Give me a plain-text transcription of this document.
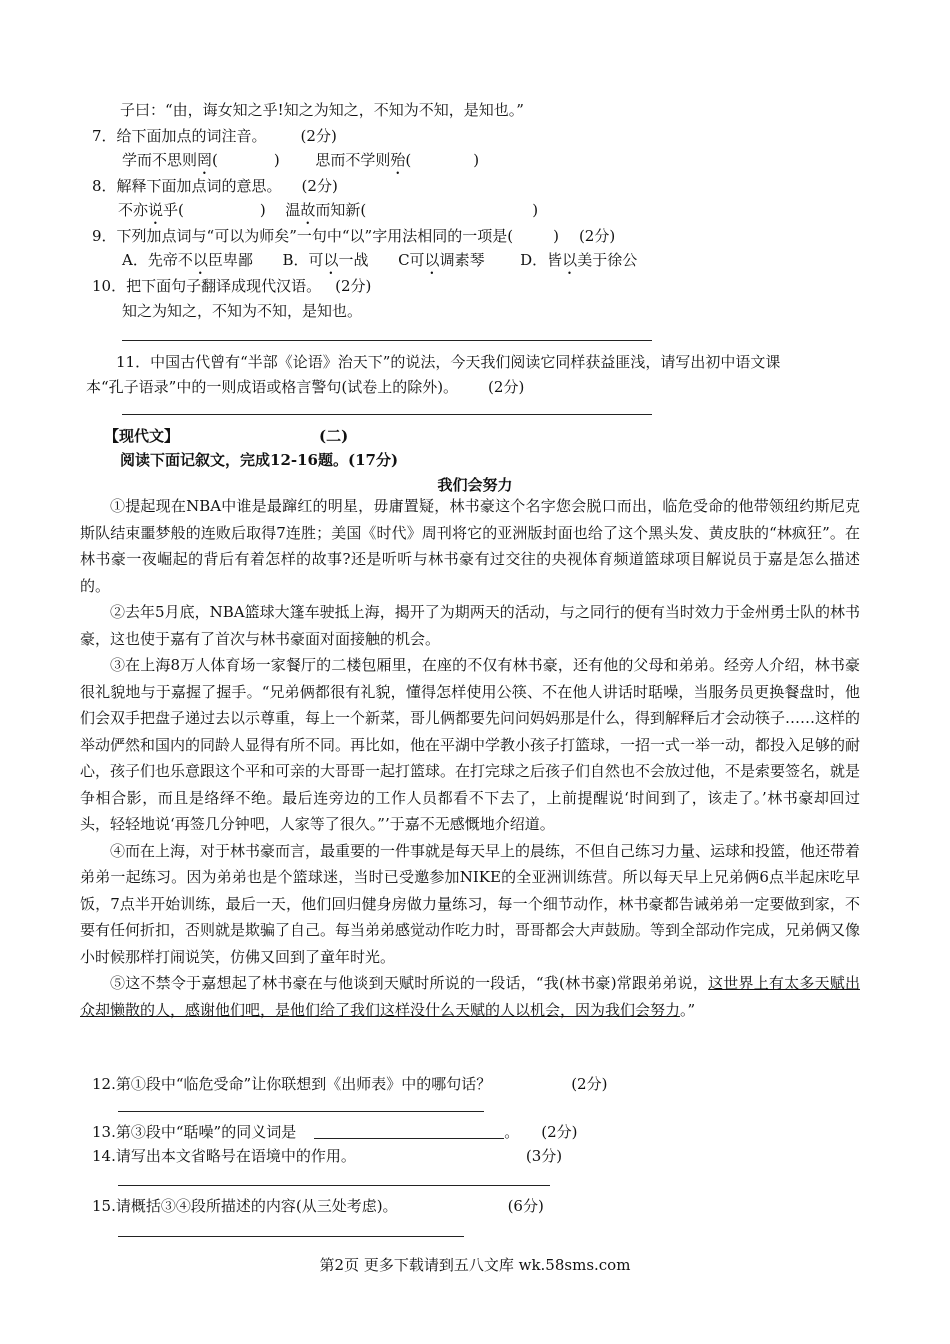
子曰：“由，诲女知之乎!知之为知之，不知为不知，是知也。”
7．给下面加点的词注音。 (2分)
学而不思则罔(	) 思而不学则殆(	)
8．解释下面加点词的意思。 (2分)
不亦说乎(	) 温故而知新(	)
9．下列加点词与“可以为师矣”一句中“以”字用法相同的一项是(	) (2分)
A．先帝不以臣卑鄙 B．可以一战 C可以调素琴 D．皆以美于徐公
10．把下面句子翻译成现代汉语。 (2分)
知之为知之，不知为不知，是知也。
11．中国古代曾有“半部《论语》治天下”的说法，今天我们阅读它同样获益匪浅，请写出初中语文课
本“孔子语录”中的一则成语或格言警句(试卷上的除外)。 (2分)
【现代文】	(二)
阅读下面记叙文，完成12-16题。(17分)
我们会努力

①提起现在NBA中谁是最蹿红的明星，毋庸置疑，林书豪这个名字您会脱口而出，临危受命的他带领纽约斯尼克斯队结束噩梦般的连败后取得7连胜；美国《时代》周刊将它的亚洲版封面也给了这个黑头发、黄皮肤的“林疯狂”。在林书豪一夜崛起的背后有着怎样的故事?还是听听与林书豪有过交往的央视体育频道篮球项目解说员于嘉是怎么描述的。

②去年5月底，NBA篮球大篷车驶抵上海，揭开了为期两天的活动，与之同行的便有当时效力于金州勇士队的林书豪，这也使于嘉有了首次与林书豪面对面接触的机会。

③在上海8万人体育场一家餐厅的二楼包厢里，在座的不仅有林书豪，还有他的父母和弟弟。经旁人介绍，林书豪很礼貌地与于嘉握了握手。“兄弟俩都很有礼貌，懂得怎样使用公筷、不在他人讲话时聒噪，当服务员更换餐盘时，他们会双手把盘子递过去以示尊重，每上一个新菜，哥儿俩都要先问问妈妈那是什么，得到解释后才会动筷子……这样的举动俨然和国内的同龄人显得有所不同。再比如，他在平湖中学教小孩子打篮球，一招一式一举一动，都投入足够的耐心，孩子们也乐意跟这个平和可亲的大哥哥一起打篮球。在打完球之后孩子们自然也不会放过他，不是索要签名，就是争相合影，而且是络绎不绝。最后连旁边的工作人员都看不下去了，上前提醒说‘时间到了，该走了。’林书豪却回过头，轻轻地说‘再签几分钟吧，人家等了很久。”’于嘉不无感慨地介绍道。

④而在上海，对于林书豪而言，最重要的一件事就是每天早上的晨练，不但自己练习力量、运球和投篮，他还带着弟弟一起练习。因为弟弟也是个篮球迷，当时已受邀参加NIKE的全亚洲训练营。所以每天早上兄弟俩6点半起床吃早饭，7点半开始训练，最后一天，他们回归健身房做力量练习，每一个细节动作，林书豪都告诫弟弟一定要做到家，不要有任何折扣，否则就是欺骗了自己。每当弟弟感觉动作吃力时，哥哥都会大声鼓励。等到全部动作完成，兄弟俩又像小时候那样打闹说笑，仿佛又回到了童年时光。

⑤这不禁令于嘉想起了林书豪在与他谈到天赋时所说的一段话，“我(林书豪)常跟弟弟说，这世界上有太多天赋出众却懒散的人，感谢他们吧，是他们给了我们这样没什么天赋的人以机会，因为我们会努力。”

12.第①段中“临危受命”让你联想到《出师表》中的哪句话？	(2分)
13.第③段中“聒噪”的同义词是	。 (2分)
14.请写出本文省略号在语境中的作用。	(3分)
15.请概括③④段所描述的内容(从三处考虑)。	(6分)
第2页 更多下载请到五八文库 wk.58sms.com
